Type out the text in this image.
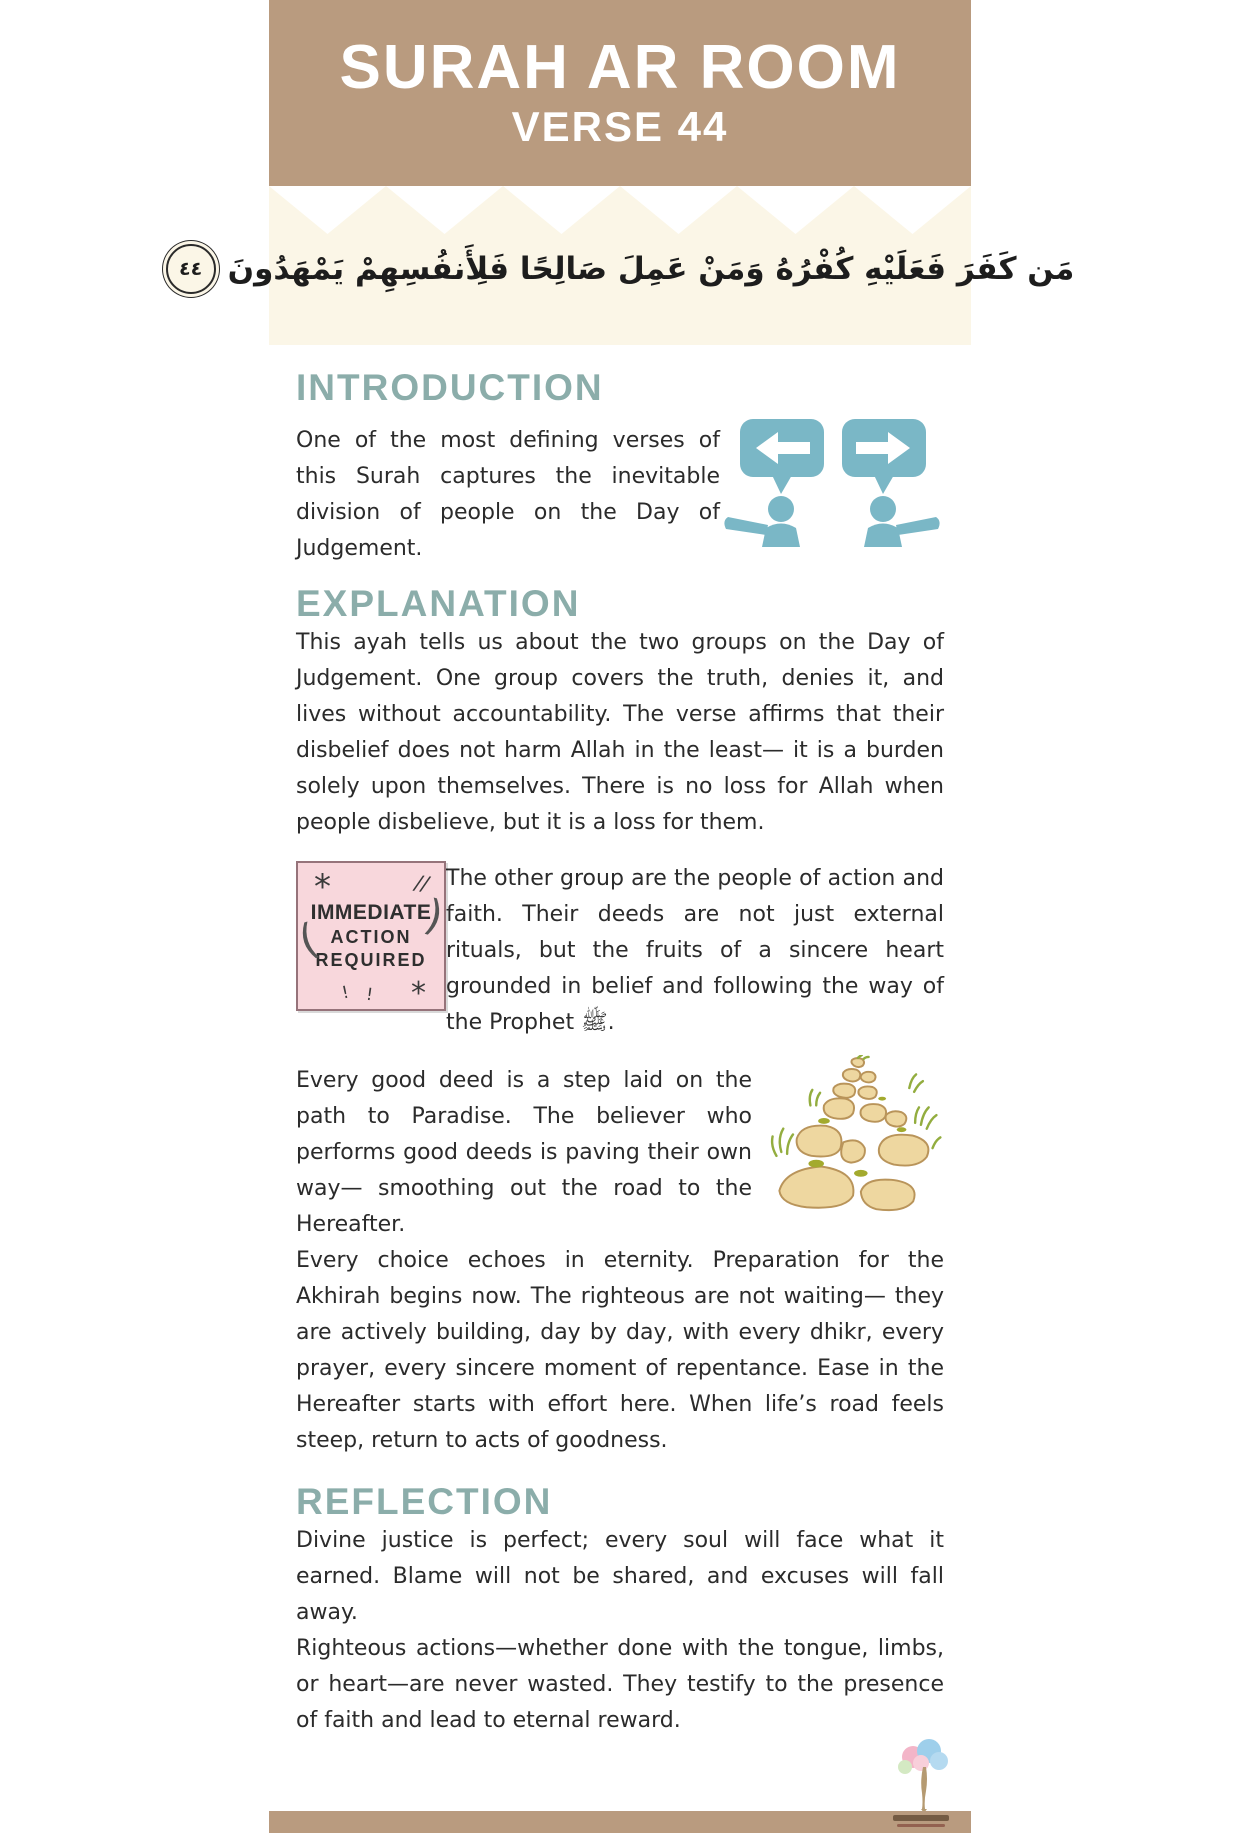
SURAH AR ROOM
VERSE 44
مَن كَفَرَ فَعَلَيْهِ كُفْرُهُ وَمَنْ عَمِلَ صَالِحًا فَلِأَنفُسِهِمْ يَمْهَدُونَ
٤٤
INTRODUCTION

One of the most defining verses of this Surah captures the inevitable division of people on the Day of Judgement.

EXPLANATION

This ayah tells us about the two groups on the Day of Judgement. One group covers the truth, denies it, and lives without accountability. The verse affirms that their disbelief does not harm Allah in the least— it is a burden solely upon themselves. There is no loss for Allah when people disbelieve, but it is a loss for them.

*	//
( )
! ! *
IMMEDIATE
ACTION
REQUIRED

The other group are the people of action and faith. Their deeds are not just external rituals, but the fruits of a sincere heart grounded in belief and following the way of the Prophet ﷺ.

Every good deed is a step laid on the path to Paradise. The believer who performs good deeds is paving their own way— smoothing out the road to the Hereafter.

Every choice echoes in eternity. Preparation for the Akhirah begins now. The righteous are not waiting— they are actively building, day by day, with every dhikr, every prayer, every sincere moment of repentance. Ease in the Hereafter starts with effort here. When life’s road feels steep, return to acts of goodness.

REFLECTION

Divine justice is perfect; every soul will face what it earned. Blame will not be shared, and excuses will fall away.

Righteous actions—whether done with the tongue, limbs, or heart—are never wasted. They testify to the presence of faith and lead to eternal reward.
